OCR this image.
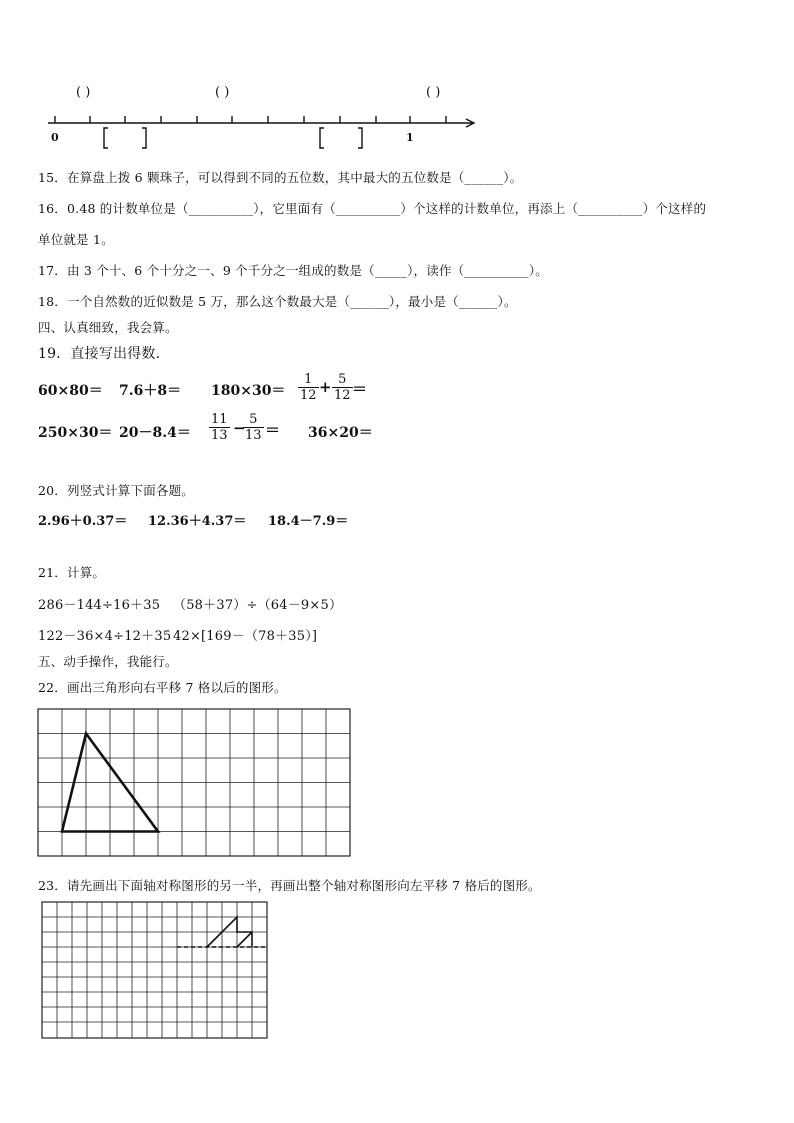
( )	( )	( )
0	1
15．在算盘上拨 6 颗珠子，可以得到不同的五位数，其中最大的五位数是（______）。
16．0.48 的计数单位是（__________），它里面有（__________）个这样的计数单位，再添上（__________）个这样的
单位就是 1。
17．由 3 个十、6 个十分之一、9 个千分之一组成的数是（_____），读作（__________）。
18．一个自然数的近似数是 5 万，那么这个数最大是（______），最小是（______）。
四、认真细致，我会算。
19．直接写出得数.
$60\times 80= 7.6+8= 180\times 30= \frac{1}{12} + \frac{5}{12}$ ＝
$250\times 30= 20-8.4= \frac{11}{13}$ −
$\frac{5}{13} = 36\times 20=$
20．列竖式计算下面各题。
2.96＋0.37＝ 12.36＋4.37＝ 18.4－7.9＝
21．计算。
286－144÷16＋35 （58＋37）÷（64－9×5）
122－36×4÷12＋35 42×[169－（78＋35）]
五、动手操作，我能行。
22．画出三角形向右平移 7 格以后的图形。
23．请先画出下面轴对称图形的另一半，再画出整个轴对称图形向左平移 7 格后的图形。
